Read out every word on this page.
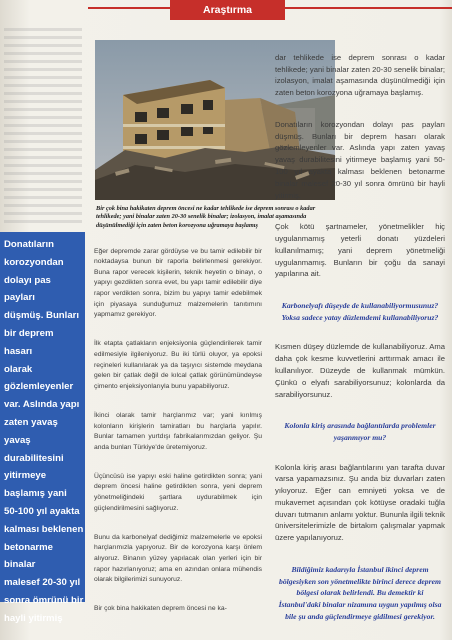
Araştırma
Bir çok bina hakikaten deprem öncesi ne kadar tehlikede ise deprem sonrası o kadar tehlikede; yani binalar zaten 20-30 senelik binalar; izolasyon, imalat aşamasında düşünülmediği için zaten beton korozyona uğramaya başlamış
Donatıların
korozyondan
dolayı pas payları
düşmüş. Bunları
bir deprem hasarı
olarak
gözlemleyenler
var. Aslında yapı
zaten yavaş yavaş
durabilitesini
yitirmeye
başlamış yani
50-100 yıl ayakta
kalması beklenen
betonarme binalar
malesef 20-30 yıl
sonra ömrünü bir
hayli yitirmiş

Eğer depremde zarar gördüyse ve bu tamir edilebilir bir noktadaysa bunun bir raporla belirlenmesi gerekiyor. Buna rapor verecek kişilerin, teknik heyetin o binayı, o yapıyı gezdikten sonra evet, bu yapı tamir edilebilir diye rapor verdikten sonra, bizim bu yapıyı tamir edebilmek için piyasaya sunduğumuz malzemelerin tanıtımını yapmamız gerekiyor.

İlk etapta çatlakların enjeksiyonla güçlendirilerek tamir edilmesiyle ilgileniyoruz. Bu iki türlü oluyor, ya epoksi reçineleri kullanılarak ya da taşıyıcı sistemde meydana gelen bir çatlak değil de kılcal çatlak görünümündeyse çimento enjeksiyonlarıyla bunu yapabiliyoruz.

İkinci olarak tamir harçlarımız var; yani kırılmış kolonların kirişlerin tamiratları bu harçlarla yapılır. Bunlar tamamen yurtdışı fabrikalarımızdan geliyor. Şu anda bunları Türkiye'de üretemiyoruz.

Üçüncüsü ise yapıyı eski haline getirdikten sonra; yani deprem öncesi haline getirdikten sonra, yeni deprem yönetmeliğindeki şartlara uydurabilmek için güçlendirilmesini sağlıyoruz.

Bunu da karbonelyaf dediğimiz malzemelerle ve epoksi harçlarımızla yapıyoruz. Bir de korozyona karşı önlem alıyoruz. Binanın yüzey yapılacak olan yerleri için bir rapor hazırlanıyoruz; ama en azından onlara mühendis olarak bilgilerimizi sunuyoruz.

Bir çok bina hakikaten deprem öncesi ne ka-

dar tehlikede ise deprem sonrası o kadar tehlikede; yani binalar zaten 20-30 senelik binalar; izolasyon, imalat aşamasında düşünülmediği için zaten beton korozyona uğramaya başlamış.

Donatıların korozyondan dolayı pas payları düşmüş. Bunları bir deprem hasarı olarak gözlemleyenler var. Aslında yapı zaten yavaş yavaş durabilitesini yitirmeye başlamış yani 50-100 yıl ayakta kalması beklenen betonarme binalar malesef 20-30 yıl sonra ömrünü bir hayli yitirmiş.

Çok kötü şartnameler, yönetmelikler hiç uygulanmamış yeterli donatı yüzdeleri kullanılmamış; yani deprem yönetmeliği uygulanmamış. Bunların bir çoğu da sanayi yapılarına ait.

Karbonelyafı düşeyde de kullanabiliyormusunuz? Yoksa sadece yatay düzlemdemi kullanabiliyoruz?

Kısmen düşey düzlemde de kullanabiliyoruz. Ama daha çok kesme kuvvetlerini arttırmak amacı ile kullanılıyor. Düzeyde de kullanmak mümkün. Çünkü o elyafı sarabiliyorsunuz; kolonlarda da sarabiliyorsunuz.

Kolonla kiriş arasında bağlantılarda problemler yaşanmıyor mu?

Kolonla kiriş arası bağlantılarını yan tarafta duvar varsa yapamazsınız. Şu anda biz duvarları zaten yıkıyoruz. Eğer can emniyeti yoksa ve de mukavemet açısından çok kötüyse oradaki tuğla duvarı tutmanın anlamı yoktur. Bununla ilgili teknik üniversitelerimizle de birtakım çalışmalar yapmak üzere yapılanıyoruz.

Bildiğimiz kadarıyla İstanbul ikinci deprem bölgesiyken son yönetmelikte birinci derece deprem bölgesi olarak belirlendi. Bu demektir ki İstanbul'daki binalar nizamına uygun yapılmış olsa bile şu anda güçlendirmeye gidilmesi gerekiyor.
